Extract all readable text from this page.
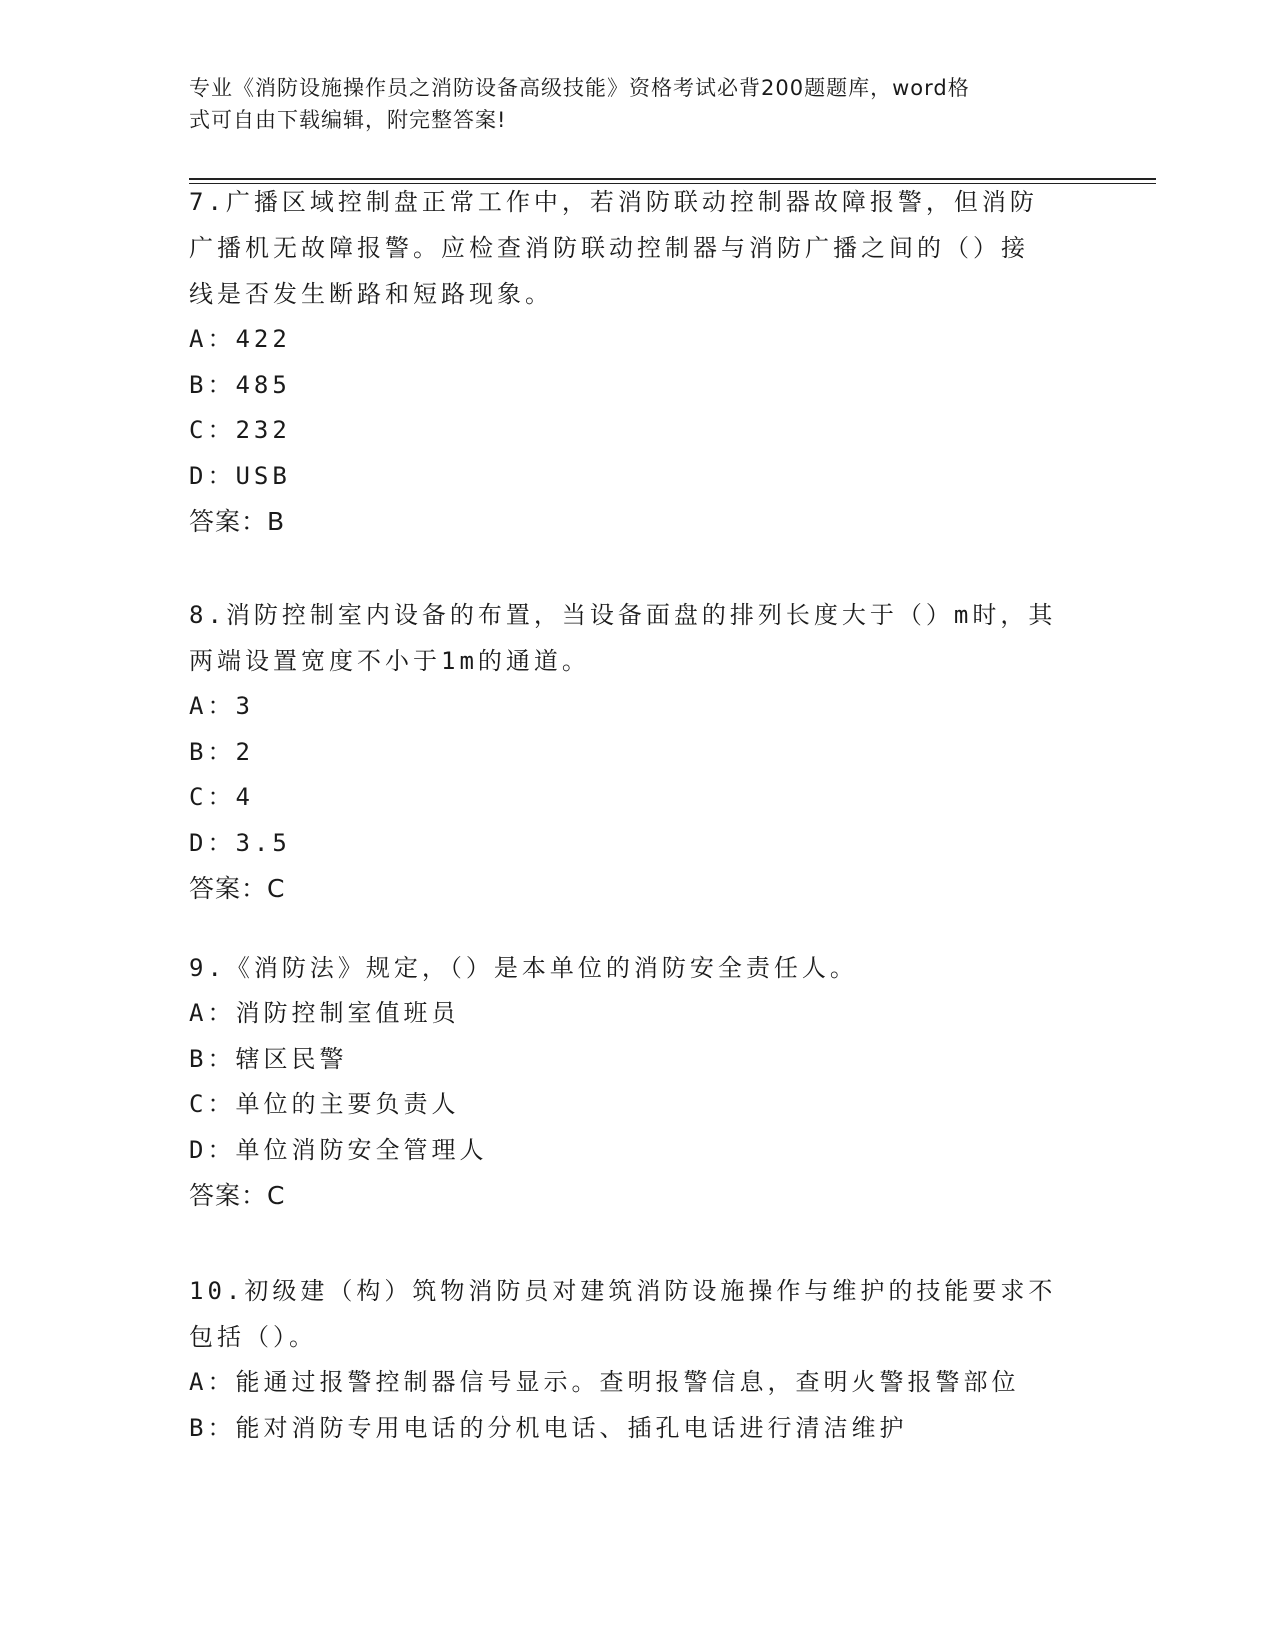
专业《消防设施操作员之消防设备高级技能》资格考试必背200题题库，word格
式可自由下载编辑，附完整答案!
7.广播区域控制盘正常工作中，若消防联动控制器故障报警，但消防
广播机无故障报警。应检查消防联动控制器与消防广播之间的（）接
线是否发生断路和短路现象。
A：422
B：485
C：232
D：USB
答案：B
8.消防控制室内设备的布置，当设备面盘的排列长度大于（）m时，其
两端设置宽度不小于1m的通道。
A：3
B：2
C：4
D：3.5
答案：C
9.《消防法》规定，（）是本单位的消防安全责任人。
A：消防控制室值班员
B：辖区民警
C：单位的主要负责人
D：单位消防安全管理人
答案：C
10.初级建（构）筑物消防员对建筑消防设施操作与维护的技能要求不
包括（）。
A：能通过报警控制器信号显示。查明报警信息，查明火警报警部位
B：能对消防专用电话的分机电话、插孔电话进行清洁维护
